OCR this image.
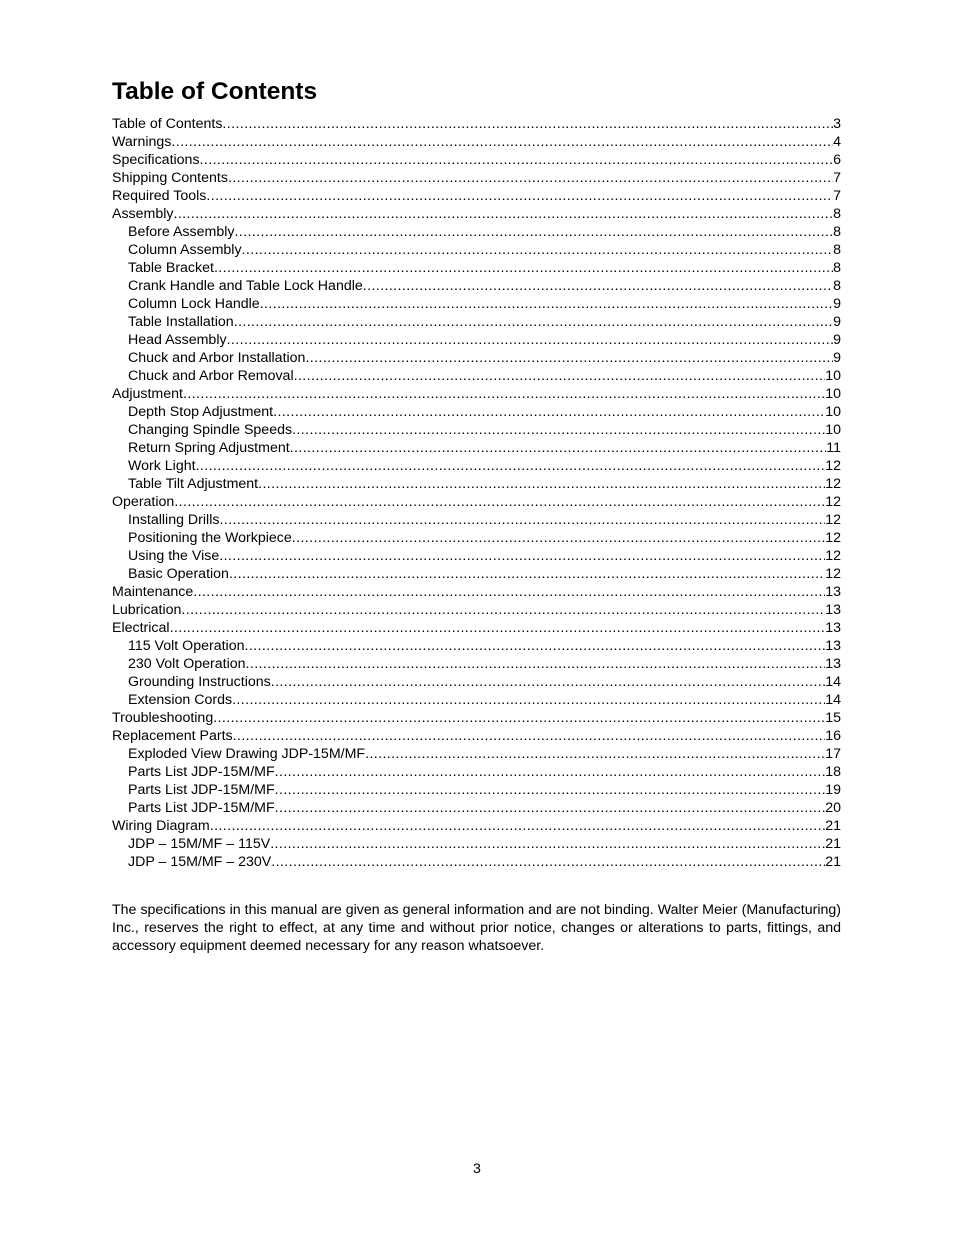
Table of Contents
Table of Contents .....	3
Warnings .....	4
Specifications .....	6
Shipping Contents .....	7
Required Tools .....	7
Assembly .....	8
Before Assembly .....	8
Column Assembly .....	8
Table Bracket .....	8
Crank Handle and Table Lock Handle .....	8
Column Lock Handle .....	9
Table Installation .....	9
Head Assembly .....	9
Chuck and Arbor Installation .....	9
Chuck and Arbor Removal .....	10
Adjustment .....	10
Depth Stop Adjustment .....	10
Changing Spindle Speeds .....	10
Return Spring Adjustment .....	11
Work Light .....	12
Table Tilt Adjustment .....	12
Operation .....	12
Installing Drills .....	12
Positioning the Workpiece .....	12
Using the Vise .....	12
Basic Operation .....	12
Maintenance .....	13
Lubrication .....	13
Electrical .....	13
115 Volt Operation .....	13
230 Volt Operation .....	13
Grounding Instructions .....	14
Extension Cords .....	14
Troubleshooting .....	15
Replacement Parts .....	16
Exploded View Drawing JDP-15M/MF .....	17
Parts List JDP-15M/MF .....	18
Parts List JDP-15M/MF .....	19
Parts List JDP-15M/MF .....	20
Wiring Diagram .....	21
JDP – 15M/MF – 115V .....	21
JDP – 15M/MF – 230V .....	21

The specifications in this manual are given as general information and are not binding. Walter Meier (Manufacturing) Inc., reserves the right to effect, at any time and without prior notice, changes or alterations to parts, fittings, and accessory equipment deemed necessary for any reason whatsoever.

3
